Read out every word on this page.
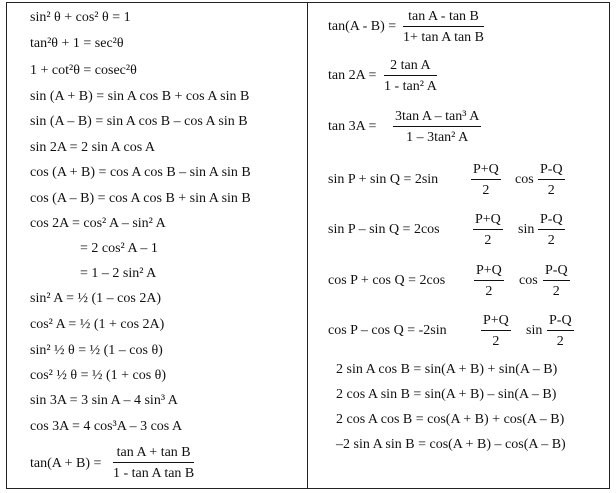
sin² θ + cos² θ = 1
tan²θ + 1 = sec²θ
1 + cot²θ = cosec²θ
sin (A + B) = sin A cos B + cos A sin B
sin (A – B) = sin A cos B – cos A sin B
sin 2A = 2 sin A cos A
cos (A + B) = cos A cos B – sin A sin B
cos (A – B) = cos A cos B + sin A sin B
cos 2A = cos² A – sin² A
= 2 cos² A – 1
= 1 – 2 sin² A
sin² A = ½ (1 – cos 2A)
cos² A = ½ (1 + cos 2A)
sin² ½ θ = ½ (1 – cos θ)
cos² ½ θ = ½ (1 + cos θ)
sin 3A = 3 sin A – 4 sin³ A
cos 3A = 4 cos³A – 3 cos A
$\tan(A + B) = \frac{\text{tan A + tan B}}{\text{1 - tan A tan B}}$
$\tan(A - B) = \frac{\text{tan A - tan B}}{\text{1+ tan A tan B}}$
$\tan 2A = \frac{\text{2 tan A}}{\text{1 - tan² A}}$
$\tan 3A = \frac{\text{3tan A – tan³ A}}{\text{1 – 3tan² A}}$
$\sin P + \sin Q = 2\sin \frac{P+Q}{2}$ $\cos \frac{P-Q}{2}$
$\sin P - \sin Q = 2\cos \frac{P+Q}{2}$ $\sin \frac{P-Q}{2}$
$\cos P + \cos Q = 2\cos \frac{P+Q}{2}$ $\cos \frac{P-Q}{2}$
$\cos P - \cos Q = -2\sin \frac{P+Q}{2}$ $\sin \frac{P-Q}{2}$
2 sin A cos B = sin(A + B) + sin(A – B)
2 cos A sin B = sin(A + B) – sin(A – B)
2 cos A cos B = cos(A + B) + cos(A – B)
–2 sin A sin B = cos(A + B) – cos(A – B)
